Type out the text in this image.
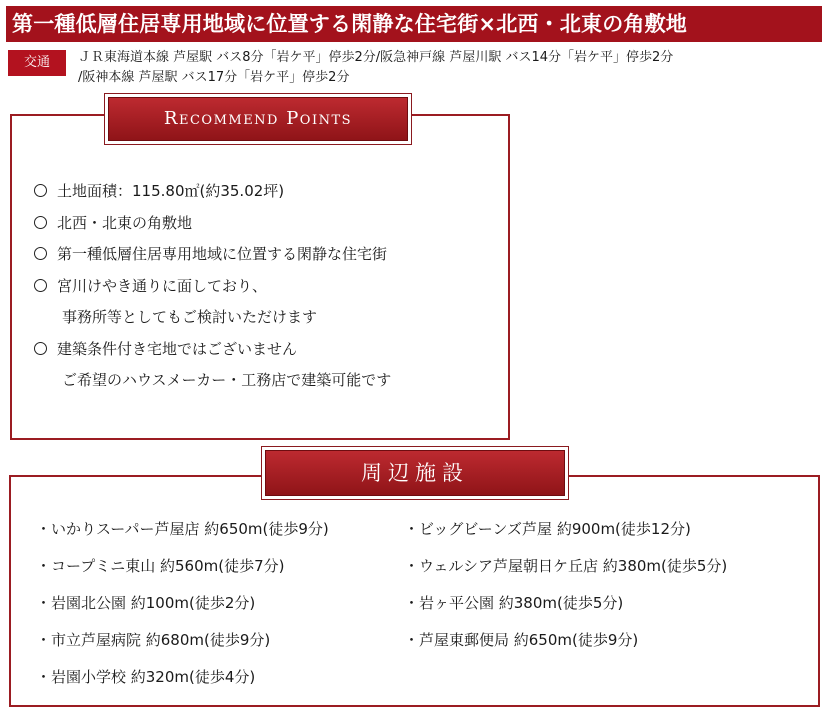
第一種低層住居専用地域に位置する閑静な住宅街×北西・北東の角敷地
交通	ＪＲ東海道本線 芦屋駅 バス8分「岩ケ平」停歩2分/阪急神戸線 芦屋川駅 バス14分「岩ケ平」停歩2分
/阪神本線 芦屋駅 バス17分「岩ケ平」停歩2分
Recommend Points
土地面積：115.80㎡(約35.02坪)
北西・北東の角敷地
第一種低層住居専用地域に位置する閑静な住宅街
宮川けやき通りに面しており、
事務所等としてもご検討いただけます
建築条件付き宅地ではございません
ご希望のハウスメーカー・工務店で建築可能です
周辺施設
・いかりスーパー芦屋店 約650m(徒歩9分)
・コープミニ東山 約560m(徒歩7分)
・岩園北公園 約100m(徒歩2分)
・市立芦屋病院 約680m(徒歩9分)
・岩園小学校 約320m(徒歩4分)
・ビッグビーンズ芦屋 約900m(徒歩12分)
・ウェルシア芦屋朝日ケ丘店 約380m(徒歩5分)
・岩ヶ平公園 約380m(徒歩5分)
・芦屋東郵便局 約650m(徒歩9分)
